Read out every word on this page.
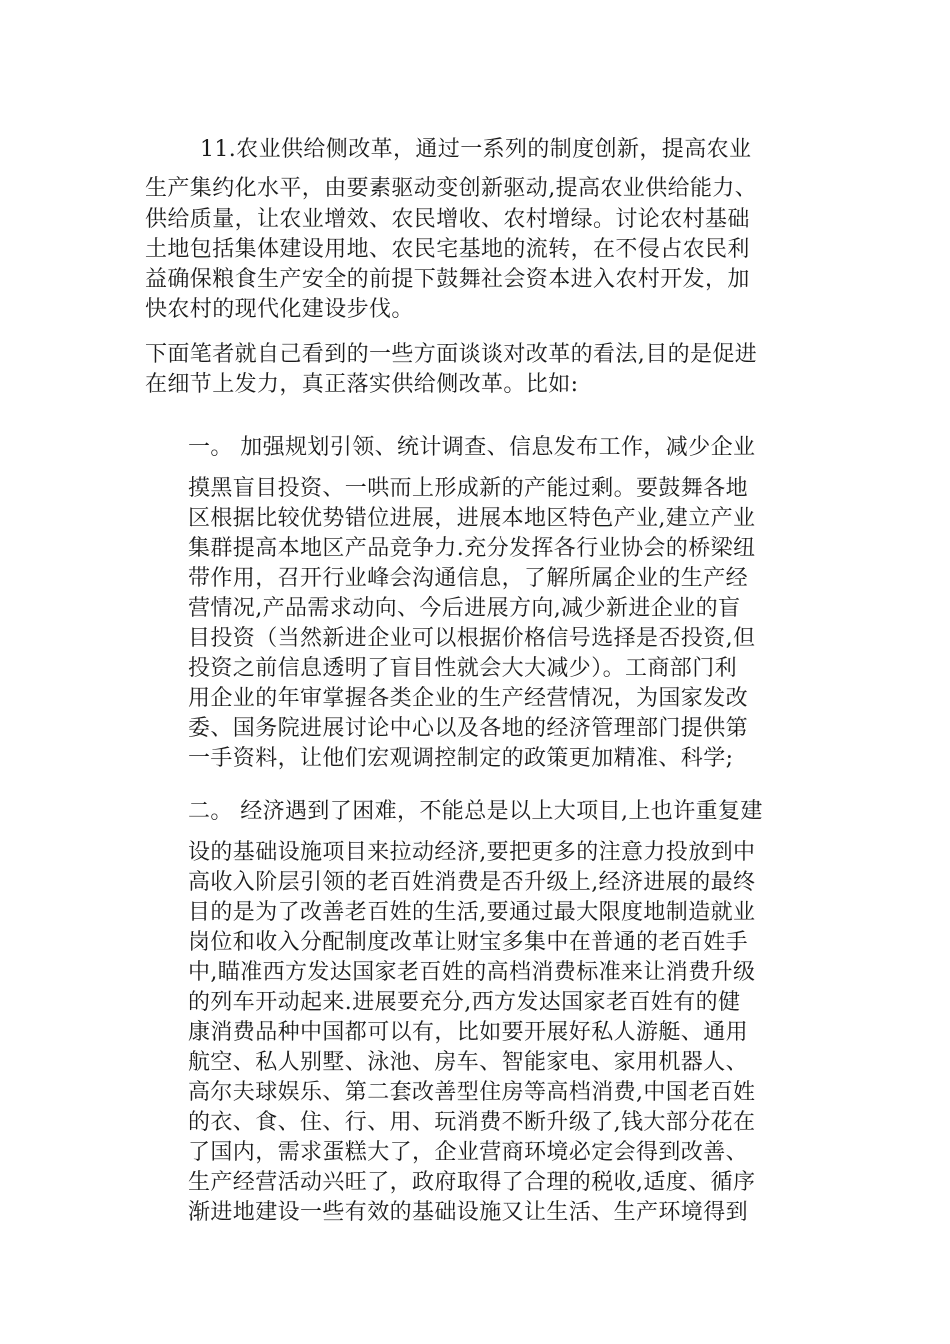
11.农业供给侧改革，通过一系列的制度创新，提高农业

生产集约化水平，由要素驱动变创新驱动,提高农业供给能力、

供给质量，让农业增效、农民增收、农村增绿。讨论农村基础

土地包括集体建设用地、农民宅基地的流转，在不侵占农民利

益确保粮食生产安全的前提下鼓舞社会资本进入农村开发，加

快农村的现代化建设步伐。

下面笔者就自己看到的一些方面谈谈对改革的看法,目的是促进

在细节上发力，真正落实供给侧改革。比如:

一。 加强规划引领、统计调查、信息发布工作，减少企业

摸黑盲目投资、一哄而上形成新的产能过剩。要鼓舞各地

区根据比较优势错位进展，进展本地区特色产业,建立产业

集群提高本地区产品竞争力.充分发挥各行业协会的桥梁纽

带作用，召开行业峰会沟通信息，了解所属企业的生产经

营情况,产品需求动向、今后进展方向,减少新进企业的盲

目投资（当然新进企业可以根据价格信号选择是否投资,但

投资之前信息透明了盲目性就会大大减少）。工商部门利

用企业的年审掌握各类企业的生产经营情况，为国家发改

委、国务院进展讨论中心以及各地的经济管理部门提供第

一手资料，让他们宏观调控制定的政策更加精准、科学;

二。 经济遇到了困难，不能总是以上大项目,上也许重复建

设的基础设施项目来拉动经济,要把更多的注意力投放到中

高收入阶层引领的老百姓消费是否升级上,经济进展的最终

目的是为了改善老百姓的生活,要通过最大限度地制造就业

岗位和收入分配制度改革让财宝多集中在普通的老百姓手

中,瞄准西方发达国家老百姓的高档消费标准来让消费升级

的列车开动起来.进展要充分,西方发达国家老百姓有的健

康消费品种中国都可以有，比如要开展好私人游艇、通用

航空、私人别墅、泳池、房车、智能家电、家用机器人、

高尔夫球娱乐、第二套改善型住房等高档消费,中国老百姓

的衣、食、住、行、用、玩消费不断升级了,钱大部分花在

了国内，需求蛋糕大了，企业营商环境必定会得到改善、

生产经营活动兴旺了，政府取得了合理的税收,适度、循序

渐进地建设一些有效的基础设施又让生活、生产环境得到
